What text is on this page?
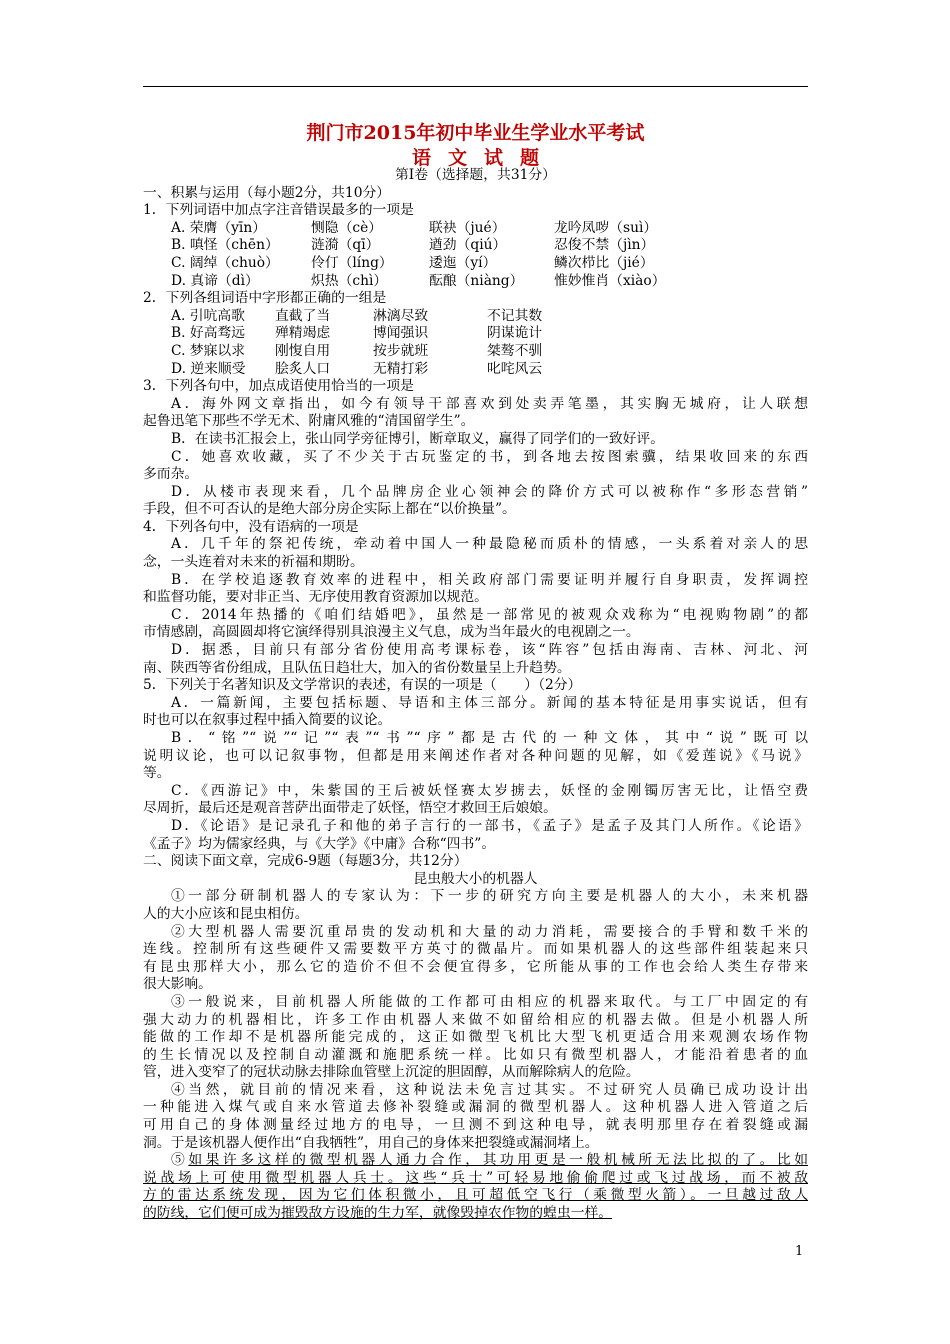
荆门市2015年初中毕业生学业水平考试
语文试题
第Ⅰ卷（选择题，共31分）
一、积累与运用（每小题2分，共10分）
1．下列词语中加点字注音错误最多的一项是
A. 荣膺（yīn）	恻隐（cè）	联袂（jué）	龙吟凤哕（suì）
B. 嗔怪（chēn）	涟漪（qī）	遒劲（qiú）	忍俊不禁（jìn）
C. 阔绰（chuò）	伶仃（líng）	逶迤（yí）	鳞次栉比（jié）
D. 真谛（dì）	炽热（chì）	酝酿（niàng）	惟妙惟肖（xiào）
2．下列各组词语中字形都正确的一组是
A. 引吭高歌	直截了当	淋漓尽致	不记其数
B. 好高骛远	殚精竭虑	博闻强识	阴谋诡计
C. 梦寐以求	刚愎自用	按步就班	桀骜不驯
D. 逆来顺受	脍炙人口	无精打彩	叱咤风云
3．下列各句中，加点成语使用恰当的一项是
A．海外网文章指出，如今有领导干部喜欢到处卖弄笔墨，其实胸无城府，让人联想
起鲁迅笔下那些不学无术、附庸风雅的“清国留学生”。
B．在读书汇报会上，张山同学旁征博引，断章取义，赢得了同学们的一致好评。
C．她喜欢收藏，买了不少关于古玩鉴定的书，到各地去按图索骥，结果收回来的东西
多而杂。
D．从楼市表现来看，几个品牌房企业心领神会的降价方式可以被称作“多形态营销”
手段，但不可否认的是绝大部分房企实际上都在“以价换量”。
4．下列各句中，没有语病的一项是
A．几千年的祭祀传统，牵动着中国人一种最隐秘而质朴的情感，一头系着对亲人的思
念，一头连着对未来的祈福和期盼。
B．在学校追逐教育效率的进程中，相关政府部门需要证明并履行自身职责，发挥调控
和监督功能，要对非正当、无序使用教育资源加以规范。
C．2014年热播的《咱们结婚吧》，虽然是一部常见的被观众戏称为“电视购物剧”的都
市情感剧，高圆圆却将它演绎得别具浪漫主义气息，成为当年最火的电视剧之一。
D．据悉，目前只有部分省份使用高考课标卷，该“阵容”包括由海南、吉林、河北、河
南、陕西等省份组成，且队伍日趋壮大，加入的省份数量呈上升趋势。
5．下列关于名著知识及文学常识的表述，有误的一项是（　　）（2分）
A．一篇新闻，主要包括标题、导语和主体三部分。新闻的基本特征是用事实说话，但有
时也可以在叙事过程中插入简要的议论。
B．“铭”“说”“记”“表”“书”“序”都是古代的一种文体，其中“说”既可以
说明议论，也可以记叙事物，但都是用来阐述作者对各种问题的见解，如《爱莲说》《马说》
等。
C．《西游记》中，朱紫国的王后被妖怪赛太岁掳去，妖怪的金刚镯厉害无比，让悟空费
尽周折，最后还是观音菩萨出面带走了妖怪，悟空才救回王后娘娘。
D．《论语》是记录孔子和他的弟子言行的一部书，《孟子》是孟子及其门人所作。《论语》
《孟子》均为儒家经典，与《大学》《中庸》合称“四书”。
二、阅读下面文章，完成6-9题（每题3分，共12分）
昆虫般大小的机器人
①一部分研制机器人的专家认为：下一步的研究方向主要是机器人的大小，未来机器
人的大小应该和昆虫相仿。
②大型机器人需要沉重昂贵的发动机和大量的动力消耗，需要接合的手臂和数千米的
连线。控制所有这些硬件又需要数平方英寸的微晶片。而如果机器人的这些部件组装起来只
有昆虫那样大小，那么它的造价不但不会便宜得多，它所能从事的工作也会给人类生存带来
很大影响。
③一般说来，目前机器人所能做的工作都可由相应的机器来取代。与工厂中固定的有
强大动力的机器相比，许多工作由机器人来做不如留给相应的机器去做。但是小机器人所
能做的工作却不是机器所能完成的，这正如微型飞机比大型飞机更适合用来观测农场作物
的生长情况以及控制自动灌溉和施肥系统一样。比如只有微型机器人，才能沿着患者的血
管，进入变窄了的冠状动脉去排除血管壁上沉淀的胆固醇，从而解除病人的危险。
④当然，就目前的情况来看，这种说法未免言过其实。不过研究人员确已成功设计出
一种能进入煤气或自来水管道去修补裂缝或漏洞的微型机器人。这种机器人进入管道之后
可用自己的身体测量经过地方的电导，一旦测不到这种电导，就表明那里存在着裂缝或漏
洞。于是该机器人便作出“自我牺牲”，用自己的身体来把裂缝或漏洞堵上。
⑤如果许多这样的微型机器人通力合作，其功用更是一般机械所无法比拟的了。比如
说战场上可使用微型机器人兵士。这些“兵士”可轻易地偷偷爬过或飞过战场，而不被敌
方的雷达系统发现，因为它们体积微小，且可超低空飞行（乘微型火箭）。一旦越过敌人
的防线，它们便可成为摧毁敌方设施的生力军，就像毁掉农作物的蝗虫一样。
1
